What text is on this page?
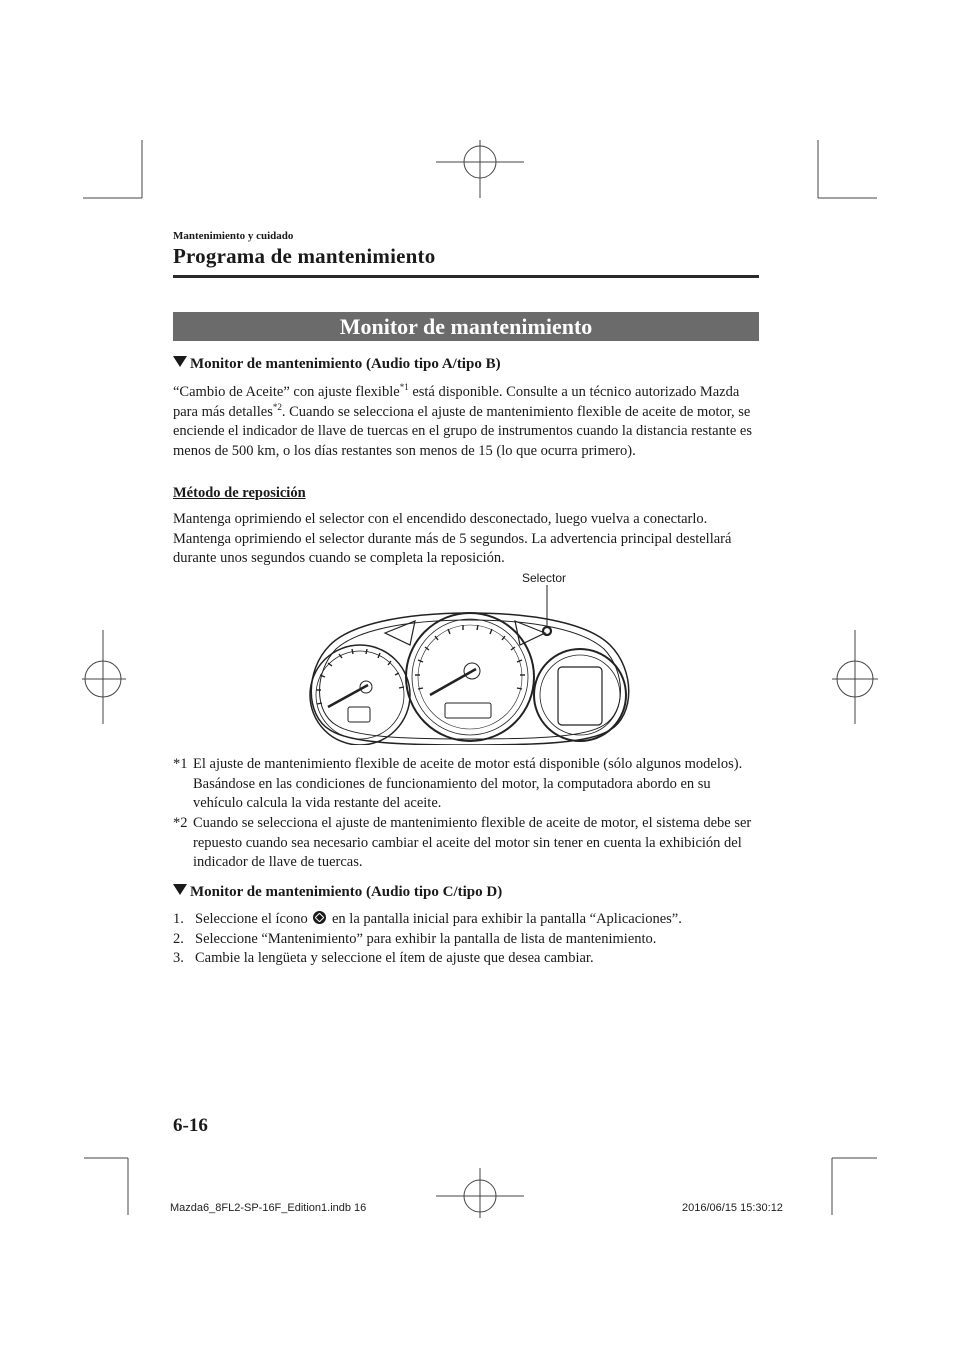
Mantenimiento y cuidado
Programa de mantenimiento
Monitor de mantenimiento
Monitor de mantenimiento (Audio tipo A/tipo B)

“Cambio de Aceite” con ajuste flexible$^{*1}$ está disponible. Consulte a un técnico autorizado Mazda para más detalles$^{*2}$. Cuando se selecciona el ajuste de mantenimiento flexible de aceite de motor, se enciende el indicador de llave de tuercas en el grupo de instrumentos cuando la distancia restante es menos de 500 km, o los días restantes son menos de 15 (lo que ocurra primero).

Método de reposición

Mantenga oprimiendo el selector con el encendido desconectado, luego vuelva a conectarlo. Mantenga oprimiendo el selector durante más de 5 segundos. La advertencia principal destellará durante unos segundos cuando se completa la reposición.

Selector
*1 El ajuste de mantenimiento flexible de aceite de motor está disponible (sólo algunos modelos). Basándose en las condiciones de funcionamiento del motor, la computadora abordo en su vehículo calcula la vida restante del aceite.
*2 Cuando se selecciona el ajuste de mantenimiento flexible de aceite de motor, el sistema debe ser repuesto cuando sea necesario cambiar el aceite del motor sin tener en cuenta la exhibición del indicador de llave de tuercas.
Monitor de mantenimiento (Audio tipo C/tipo D)
1. Seleccione el ícono  en la pantalla inicial para exhibir la pantalla “Aplicaciones”.
2. Seleccione “Mantenimiento” para exhibir la pantalla de lista de mantenimiento.
3. Cambie la lengüeta y seleccione el ítem de ajuste que desea cambiar.
6-16
Mazda6_8FL2-SP-16F_Edition1.indb 16	2016/06/15 15:30:12
